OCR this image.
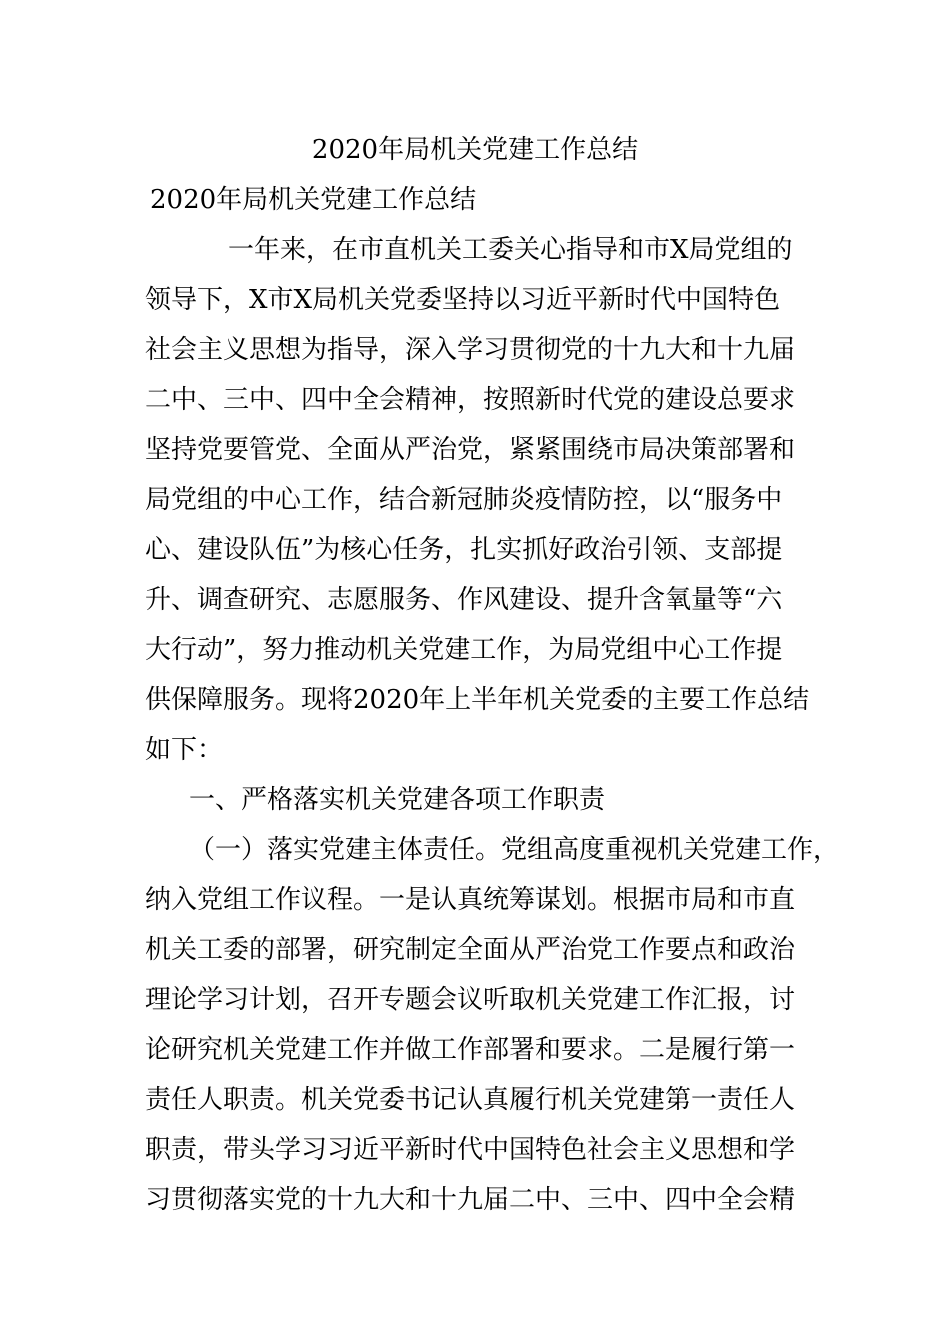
2020年局机关党建工作总结
2020年局机关党建工作总结
一年来，在市直机关工委关心指导和市X局党组的
领导下，X市X局机关党委坚持以习近平新时代中国特色
社会主义思想为指导，深入学习贯彻党的十九大和十九届
二中、三中、四中全会精神，按照新时代党的建设总要求
坚持党要管党、全面从严治党，紧紧围绕市局决策部署和
局党组的中心工作，结合新冠肺炎疫情防控，以“服务中
心、建设队伍”为核心任务，扎实抓好政治引领、支部提
升、调查研究、志愿服务、作风建设、提升含氧量等“六
大行动”，努力推动机关党建工作，为局党组中心工作提
供保障服务。现将2020年上半年机关党委的主要工作总结
如下：
一、严格落实机关党建各项工作职责
（一）落实党建主体责任。党组高度重视机关党建工作，
纳入党组工作议程。一是认真统筹谋划。根据市局和市直
机关工委的部署，研究制定全面从严治党工作要点和政治
理论学习计划，召开专题会议听取机关党建工作汇报，讨
论研究机关党建工作并做工作部署和要求。二是履行第一
责任人职责。机关党委书记认真履行机关党建第一责任人
职责，带头学习习近平新时代中国特色社会主义思想和学
习贯彻落实党的十九大和十九届二中、三中、四中全会精
